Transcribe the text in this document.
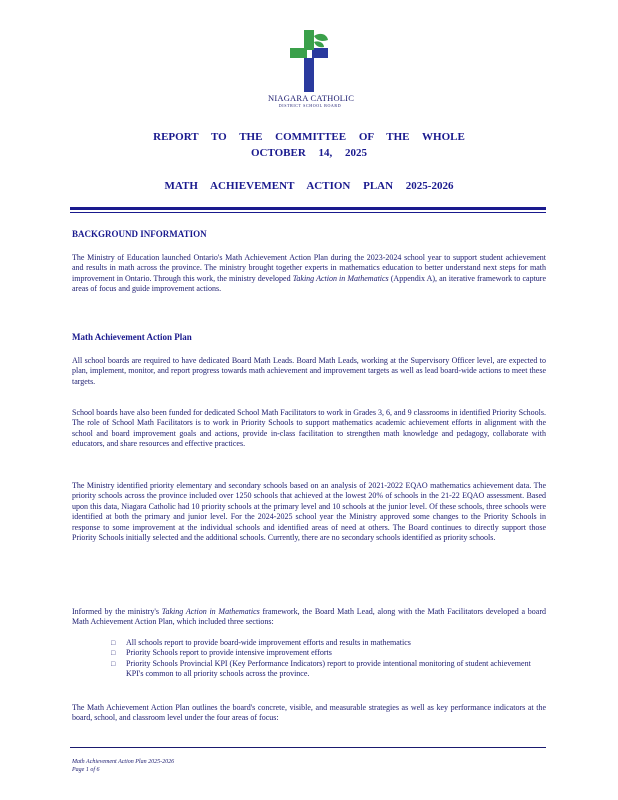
NIAGARA CATHOLIC
DISTRICT SCHOOL BOARD
REPORT TO THE COMMITTEE OF THE WHOLE
OCTOBER 14, 2025
MATH ACHIEVEMENT ACTION PLAN 2025-2026
BACKGROUND INFORMATION
The Ministry of Education launched Ontario's Math Achievement Action Plan during the 2023-2024 school year to support student achievement and results in math across the province. The ministry brought together experts in mathematics education to better understand next steps for math improvement in Ontario. Through this work, the ministry developed Taking Action in Mathematics (Appendix A), an iterative framework to capture areas of focus and guide improvement actions.
Math Achievement Action Plan
All school boards are required to have dedicated Board Math Leads. Board Math Leads, working at the Supervisory Officer level, are expected to plan, implement, monitor, and report progress towards math achievement and improvement targets as well as lead board-wide actions to meet these targets.
School boards have also been funded for dedicated School Math Facilitators to work in Grades 3, 6, and 9 classrooms in identified Priority Schools. The role of School Math Facilitators is to work in Priority Schools to support mathematics academic achievement efforts in alignment with the school and board improvement goals and actions, provide in-class facilitation to strengthen math knowledge and pedagogy, collaborate with educators, and share resources and effective practices.
The Ministry identified priority elementary and secondary schools based on an analysis of 2021-2022 EQAO mathematics achievement data. The priority schools across the province included over 1250 schools that achieved at the lowest 20% of schools in the 21-22 EQAO assessment. Based upon this data, Niagara Catholic had 10 priority schools at the primary level and 10 schools at the junior level. Of these schools, three schools were identified at both the primary and junior level. For the 2024-2025 school year the Ministry approved some changes to the Priority Schools in response to some improvement at the individual schools and identified areas of need at others. The Board continues to directly support those Priority Schools initially selected and the additional schools. Currently, there are no secondary schools identified as priority schools.
Informed by the ministry's Taking Action in Mathematics framework, the Board Math Lead, along with the Math Facilitators developed a board Math Achievement Action Plan, which included three sections:
□ All schools report to provide board-wide improvement efforts and results in mathematics
□ Priority Schools report to provide intensive improvement efforts
□ Priority Schools Provincial KPI (Key Performance Indicators) report to provide intentional monitoring of student achievement KPI's common to all priority schools across the province.
The Math Achievement Action Plan outlines the board's concrete, visible, and measurable strategies as well as key performance indicators at the board, school, and classroom level under the four areas of focus:
Math Achievement Action Plan 2025-2026
Page 1 of 6
